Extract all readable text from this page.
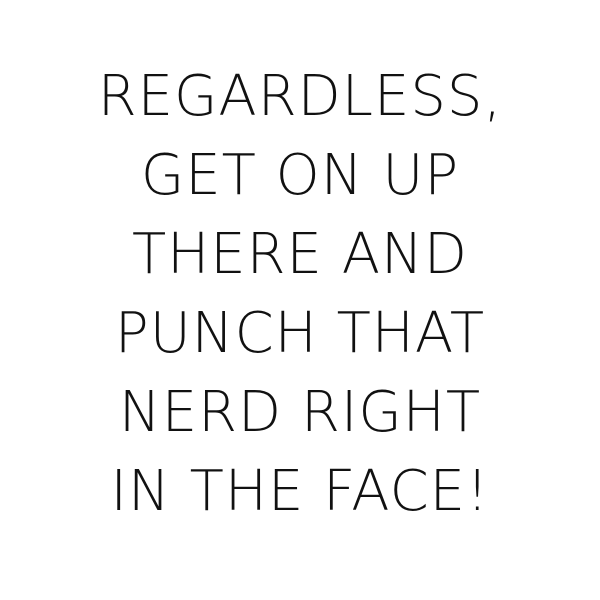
REGARDLESS,
GET ON UP
THERE AND
PUNCH THAT
NERD RIGHT
IN THE FACE!
